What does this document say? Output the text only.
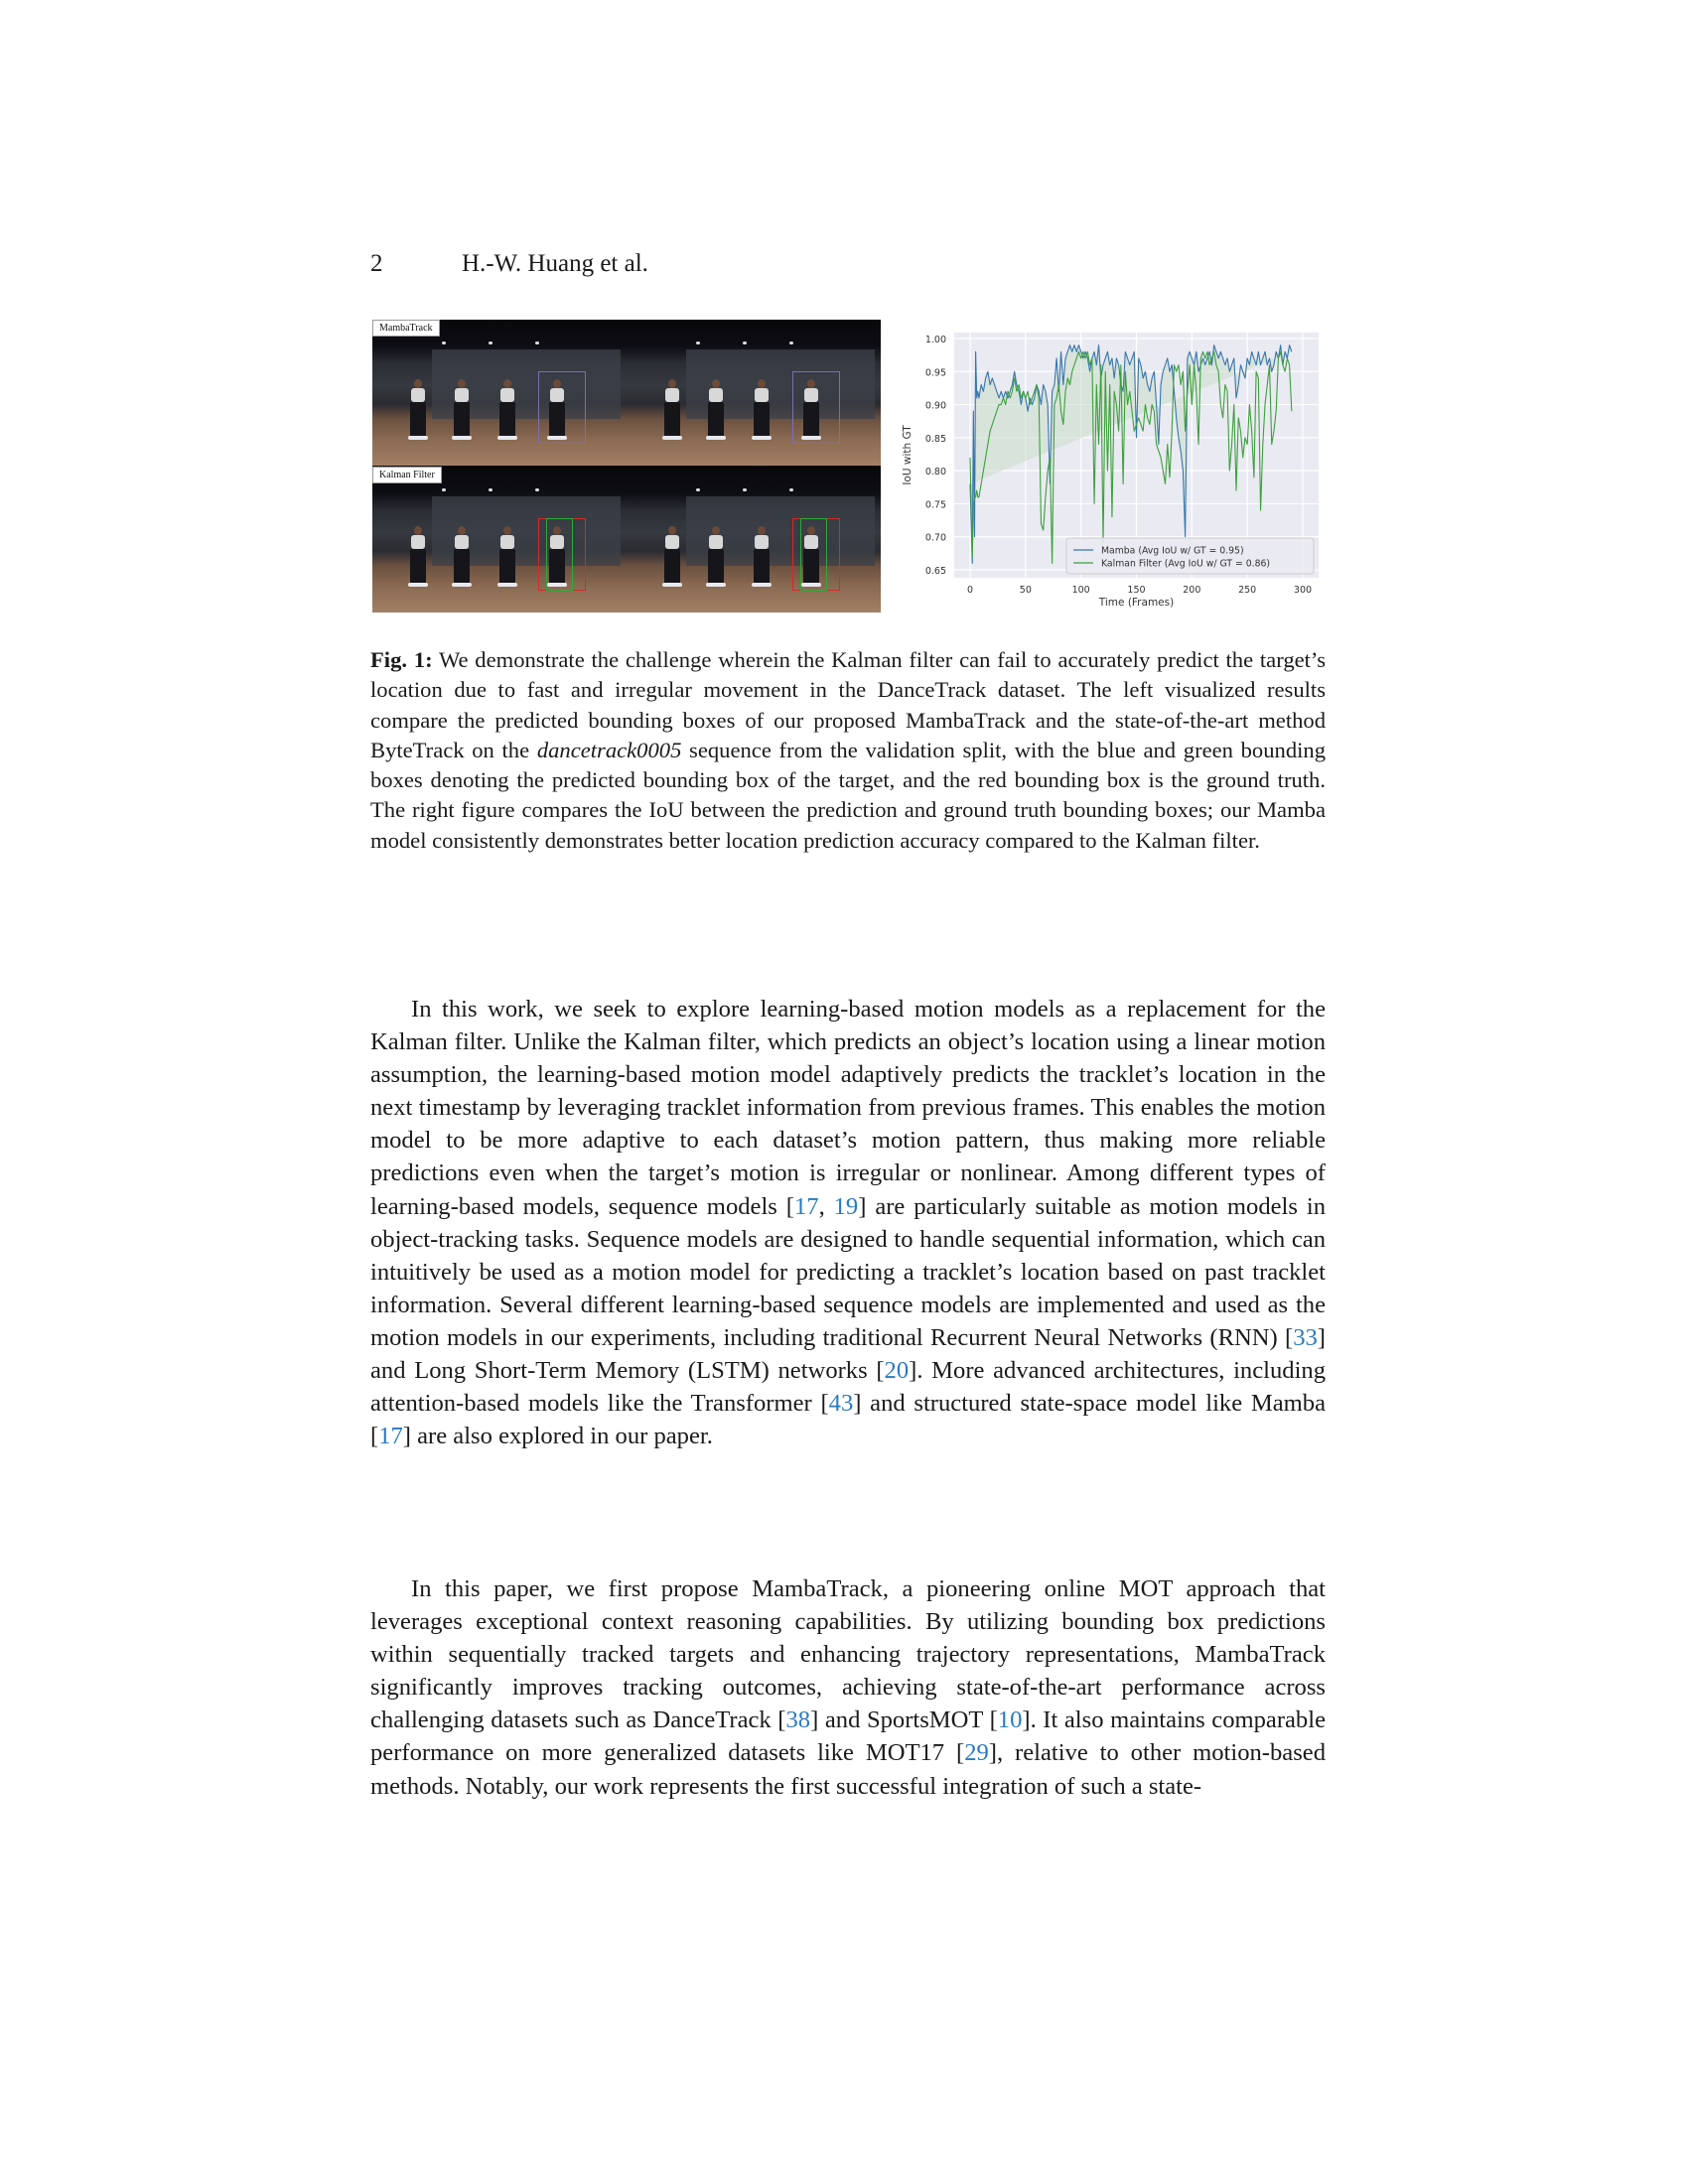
2	H.-W. Huang et al.
MambaTrack
Kalman Filter
0.65
0.70
0.75
0.80
0.85
0.90
0.95
1.00
0	50	100	150	200	250	300
Time (Frames)
IoU with GT
Mamba (Avg IoU w/ GT = 0.95)
Kalman Filter (Avg IoU w/ GT = 0.86)
Fig. 1: We demonstrate the challenge wherein the Kalman filter can fail to accurately predict the target’s location due to fast and irregular movement in the DanceTrack dataset. The left visualized results compare the predicted bounding boxes of our proposed MambaTrack and the state-of-the-art method ByteTrack on the dancetrack0005 sequence from the validation split, with the blue and green bounding boxes denoting the predicted bounding box of the target, and the red bounding box is the ground truth. The right figure compares the IoU between the prediction and ground truth bounding boxes; our Mamba model consistently demonstrates better location prediction accuracy compared to the Kalman filter.

In this work, we seek to explore learning-based motion models as a replacement for the Kalman filter. Unlike the Kalman filter, which predicts an object’s location using a linear motion assumption, the learning-based motion model adaptively predicts the tracklet’s location in the next timestamp by leveraging tracklet information from previous frames. This enables the motion model to be more adaptive to each dataset’s motion pattern, thus making more reliable predictions even when the target’s motion is irregular or nonlinear. Among different types of learning-based models, sequence models [17, 19] are particularly suitable as motion models in object-tracking tasks. Sequence models are designed to handle sequential information, which can intuitively be used as a motion model for predicting a tracklet’s location based on past tracklet information. Several different learning-based sequence models are implemented and used as the motion models in our experiments, including traditional Recurrent Neural Networks (RNN) [33] and Long Short-Term Memory (LSTM) networks [20]. More advanced architectures, including attention-based models like the Transformer [43] and structured state-space model like Mamba [17] are also explored in our paper.

In this paper, we first propose MambaTrack, a pioneering online MOT approach that leverages exceptional context reasoning capabilities. By utilizing bounding box predictions within sequentially tracked targets and enhancing trajectory representations, MambaTrack significantly improves tracking outcomes, achieving state-of-the-art performance across challenging datasets such as DanceTrack [38] and SportsMOT [10]. It also maintains comparable performance on more generalized datasets like MOT17 [29], relative to other motion-based methods. Notably, our work represents the first successful integration of such a state-
